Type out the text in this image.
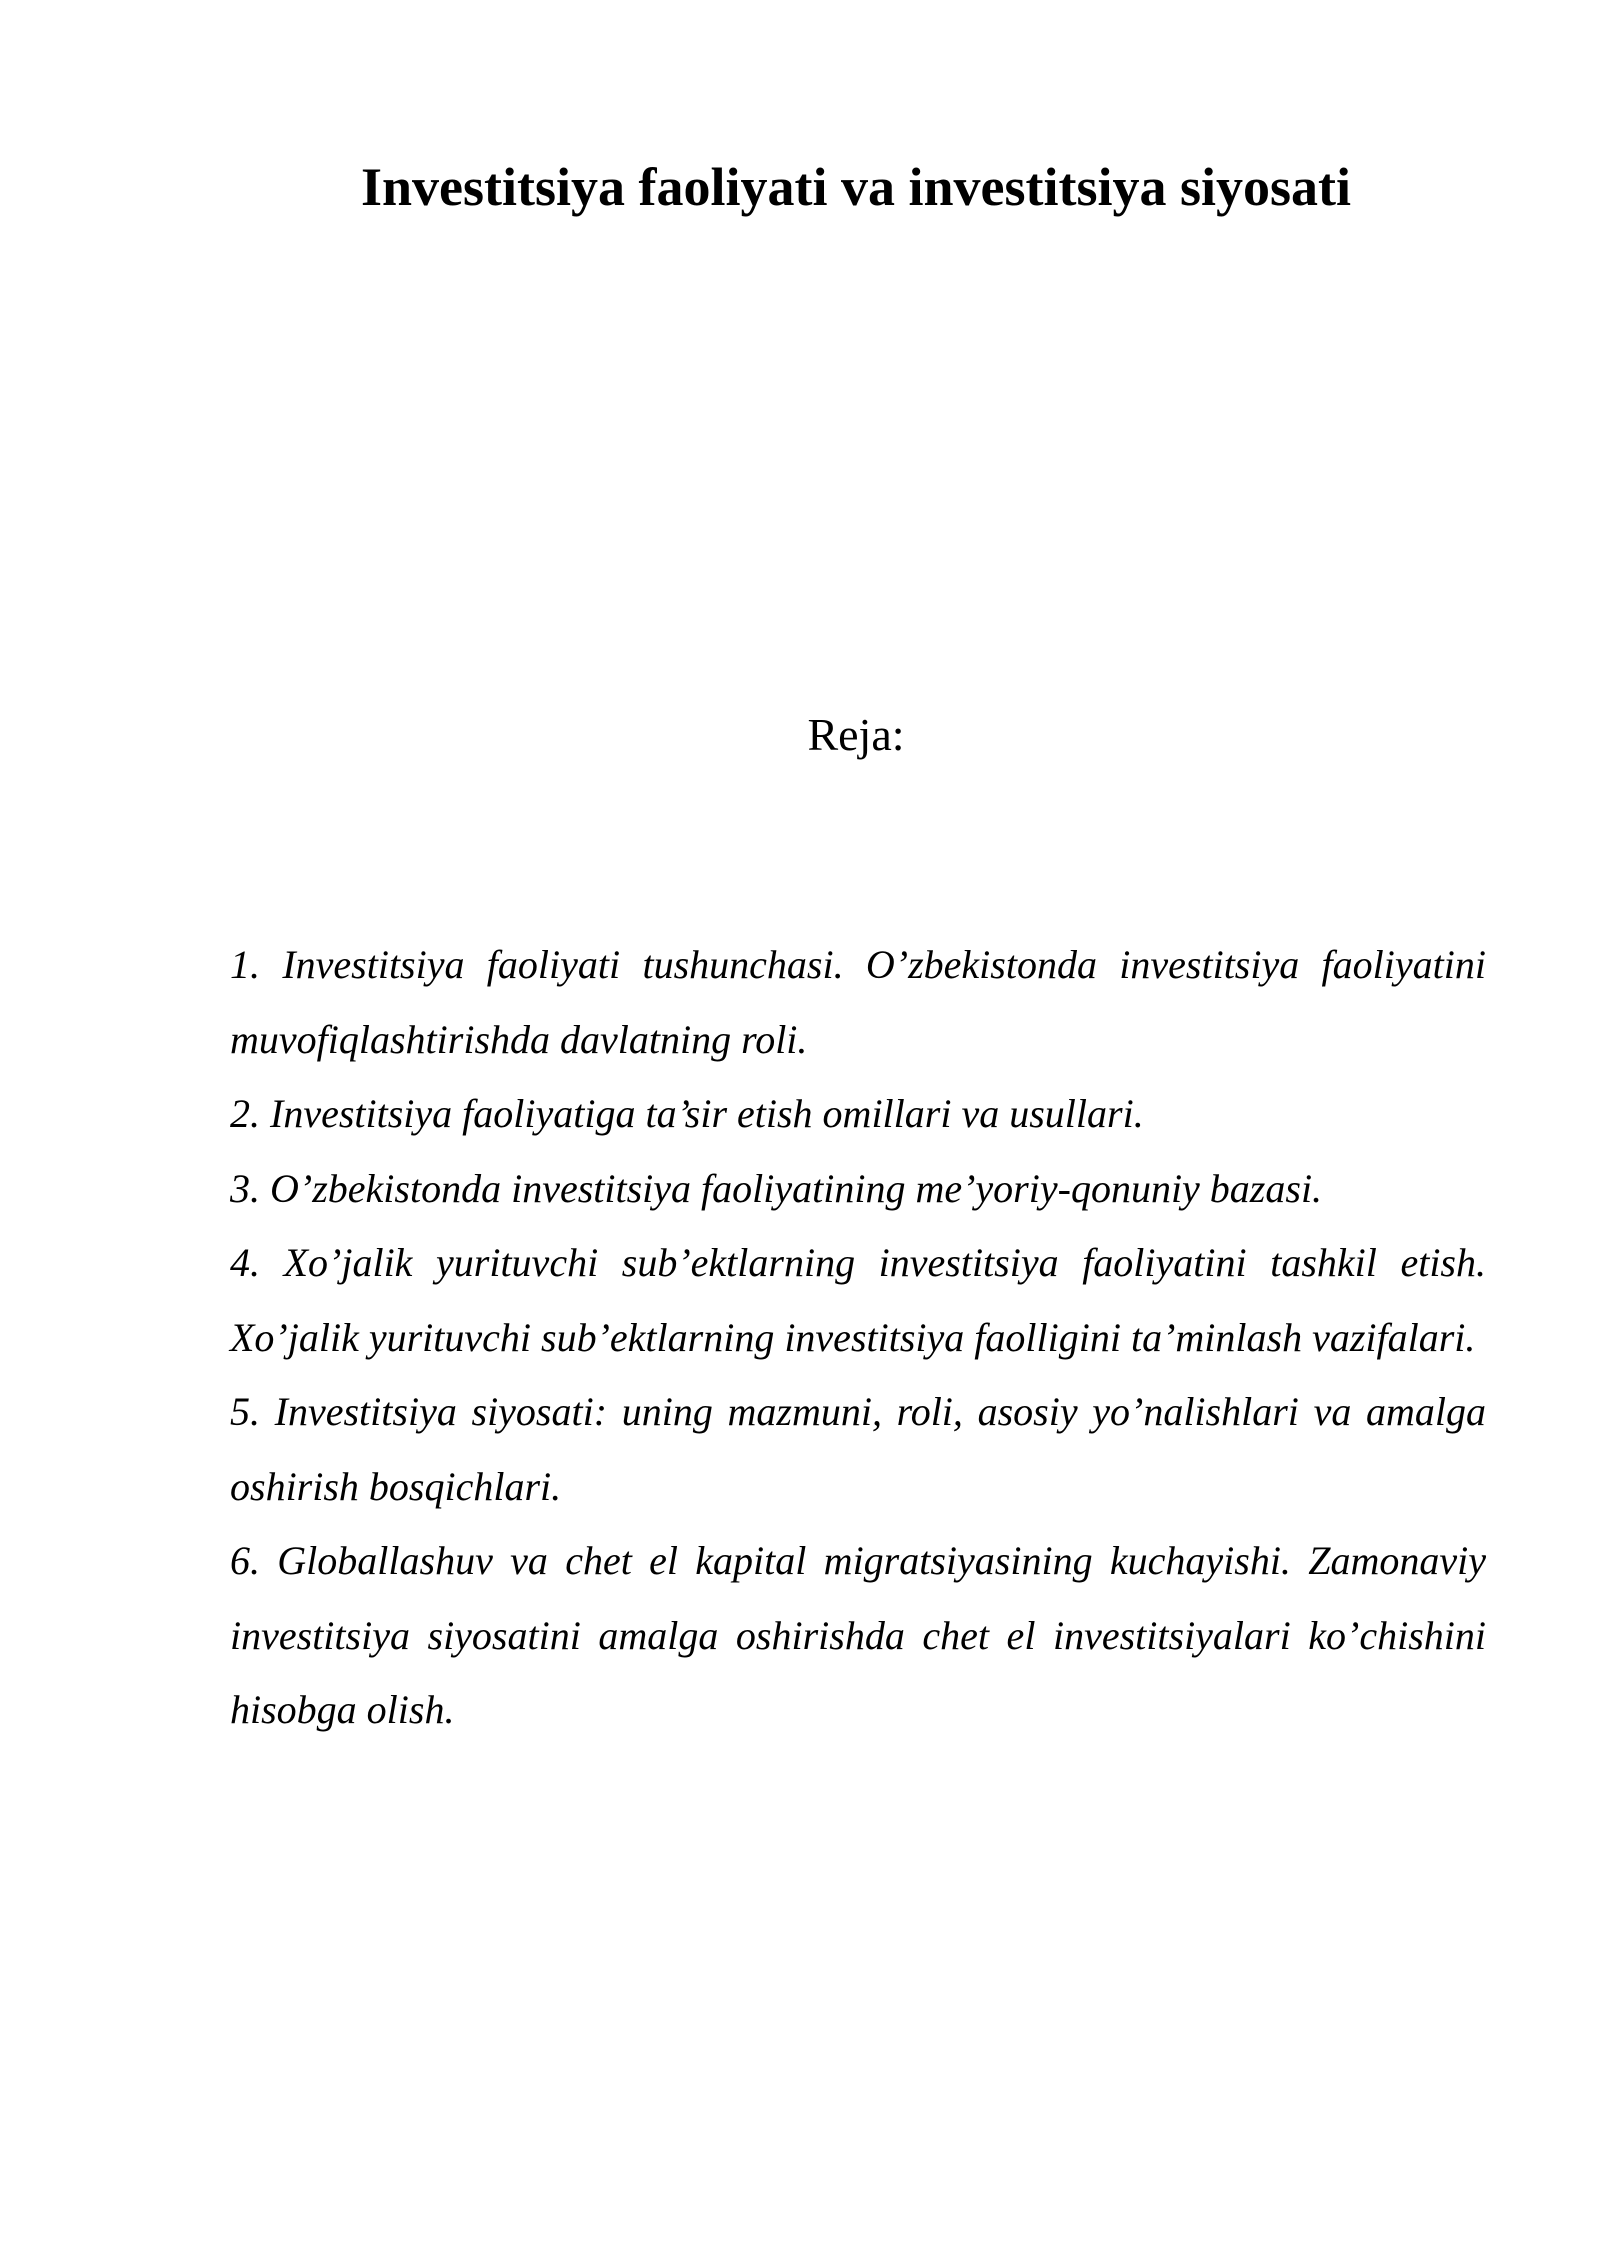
Investitsiya faoliyati va investitsiya siyosati

Reja:

1. Investitsiya faoliyati tushunchasi. O’zbekistonda investitsiya faoliyatini muvofiqlashtirishda davlatning roli.
2. Investitsiya faoliyatiga ta’sir etish omillari va usullari.
3. O’zbekistonda investitsiya faoliyatining me’yoriy-qonuniy bazasi.
4. Xo’jalik yurituvchi sub’ektlarning investitsiya faoliyatini tashkil etish. Xo’jalik yurituvchi sub’ektlarning investitsiya faolligini ta’minlash vazifalari.
5. Investitsiya siyosati: uning mazmuni, roli, asosiy yo’nalishlari va amalga oshirish bosqichlari.
6. Globallashuv va chet el kapital migratsiyasining kuchayishi. Zamonaviy investitsiya siyosatini amalga oshirishda chet el investitsiyalari ko’chishini hisobga olish.
